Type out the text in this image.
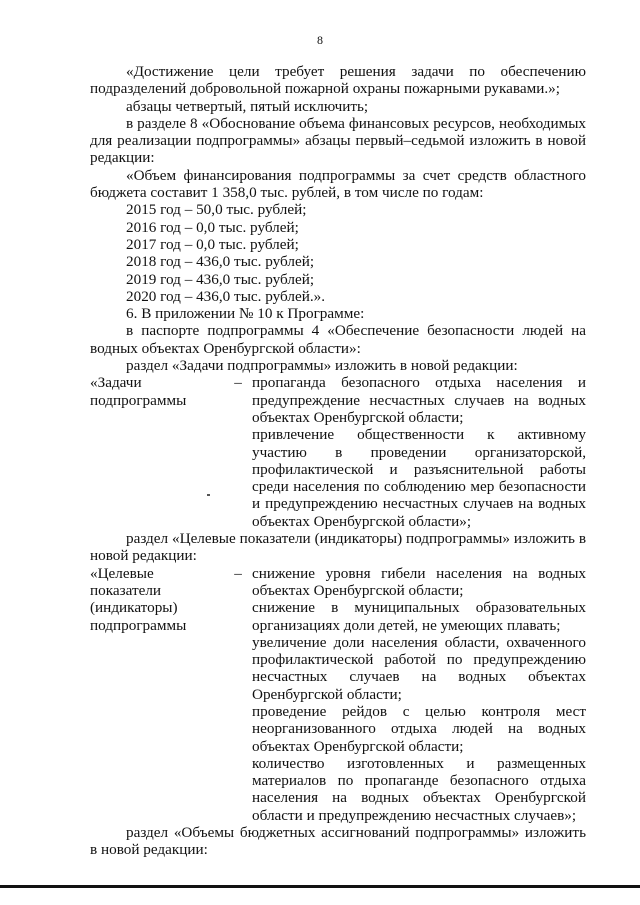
8

«Достижение цели требует решения задачи по обеспечению подразделений добровольной пожарной охраны пожарными рукавами.»;

абзацы четвертый, пятый исключить;

в разделе 8 «Обоснование объема финансовых ресурсов, необходимых для реализации подпрограммы» абзацы первый–седьмой изложить в новой редакции:

«Объем финансирования подпрограммы за счет средств областного бюджета составит 1 358,0 тыс. рублей, в том числе по годам:

2015 год – 50,0 тыс. рублей;
2016 год – 0,0 тыс. рублей;
2017 год – 0,0 тыс. рублей;
2018 год – 436,0 тыс. рублей;
2019 год – 436,0 тыс. рублей;
2020 год – 436,0 тыс. рублей.».

6. В приложении № 10 к Программе:

в паспорте подпрограммы 4 «Обеспечение безопасности людей на водных объектах Оренбургской области»:

раздел «Задачи подпрограммы» изложить в новой редакции:

«Задачи подпрограммы
– пропаганда безопасного отдыха населения и предупреждение несчастных случаев на водных объектах Оренбургской области;
привлечение общественности к активному участию в проведении организаторской, профилактической и разъяснительной работы среди населения по соблюдению мер безопасности и предупреждению несчастных случаев на водных объектах Оренбургской области»;

раздел «Целевые показатели (индикаторы) подпрограммы» изложить в новой редакции:

«Целевые показатели (индикаторы) подпрограммы
– снижение уровня гибели населения на водных объектах Оренбургской области;
снижение в муниципальных образовательных организациях доли детей, не умеющих плавать;
увеличение доли населения области, охваченного профилактической работой по предупреждению несчастных случаев на водных объектах Оренбургской области;
проведение рейдов с целью контроля мест неорганизованного отдыха людей на водных объектах Оренбургской области;
количество изготовленных и размещенных материалов по пропаганде безопасного отдыха населения на водных объектах Оренбургской области и предупреждению несчастных случаев»;

раздел «Объемы бюджетных ассигнований подпрограммы» изложить в новой редакции:
